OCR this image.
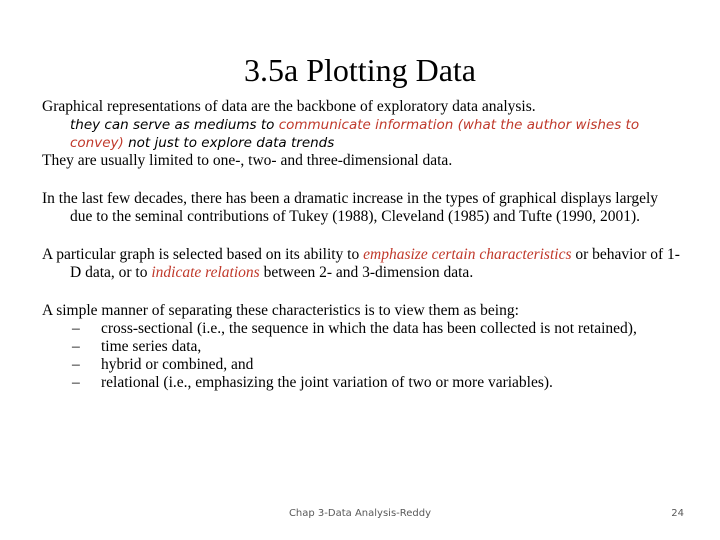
3.5a Plotting Data

Graphical representations of data are the backbone of exploratory data analysis.

they can serve as mediums to communicate information (what the author wishes to convey) not just to explore data trends

They are usually limited to one-, two- and three-dimensional data.

In the last few decades, there has been a dramatic increase in the types of graphical displays largely due to the seminal contributions of Tukey (1988), Cleveland (1985) and Tufte (1990, 2001).

A particular graph is selected based on its ability to emphasize certain characteristics or behavior of 1-D data, or to indicate relations between 2- and 3-dimension data.

A simple manner of separating these characteristics is to view them as being:

–	cross-sectional (i.e., the sequence in which the data has been collected is not retained),
–	time series data,
–	hybrid or combined, and
–	relational (i.e., emphasizing the joint variation of two or more variables).
Chap 3-Data Analysis-Reddy	24
